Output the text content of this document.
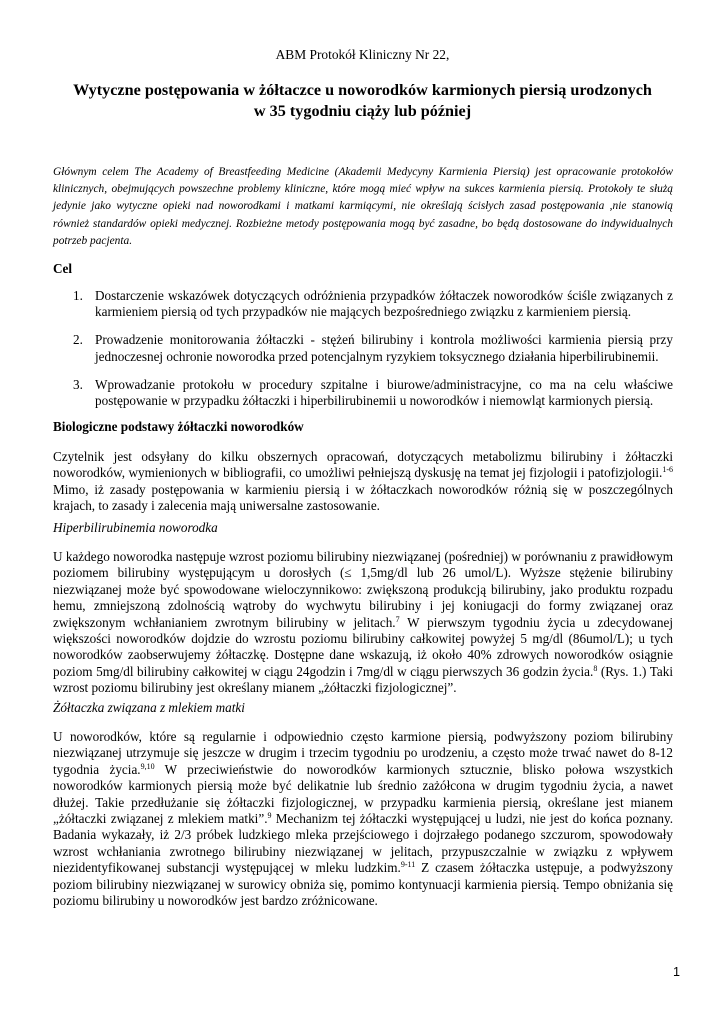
ABM Protokół Kliniczny Nr 22,
Wytyczne postępowania w żółtaczce u noworodków karmionych piersią urodzonych
w 35 tygodniu ciąży lub później

Głównym celem The Academy of Breastfeeding Medicine (Akademii Medycyny Karmienia Piersią) jest opracowanie protokołów klinicznych, obejmujących powszechne problemy kliniczne, które mogą mieć wpływ na sukces karmienia piersią. Protokoły te służą jedynie jako wytyczne opieki nad noworodkami i matkami karmiącymi, nie określają ścisłych zasad postępowania ,nie stanowią również standardów opieki medycznej. Rozbieżne metody postępowania mogą być zasadne, bo będą dostosowane do indywidualnych potrzeb pacjenta.

Cel
1. Dostarczenie wskazówek dotyczących odróżnienia przypadków żółtaczek noworodków ściśle związanych z karmieniem piersią od tych przypadków nie mających bezpośredniego związku z karmieniem piersią.
2. Prowadzenie monitorowania żółtaczki - stężeń bilirubiny i kontrola możliwości karmienia piersią przy jednoczesnej ochronie noworodka przed potencjalnym ryzykiem toksycznego działania hiperbilirubinemii.
3. Wprowadzanie protokołu w procedury szpitalne i biurowe/administracyjne, co ma na celu właściwe postępowanie w przypadku żółtaczki i hiperbilirubinemii u noworodków i niemowląt karmionych piersią.
Biologiczne podstawy żółtaczki noworodków

Czytelnik jest odsyłany do kilku obszernych opracowań, dotyczących metabolizmu bilirubiny i żółtaczki noworodków, wymienionych w bibliografii, co umożliwi pełniejszą dyskusję na temat jej fizjologii i patofizjologii.$^{1-6}$ Mimo, iż zasady postępowania w karmieniu piersią i w żółtaczkach noworodków różnią się w poszczególnych krajach, to zasady i zalecenia mają uniwersalne zastosowanie.

Hiperbilirubinemia noworodka

U każdego noworodka następuje wzrost poziomu bilirubiny niezwiązanej (pośredniej) w porównaniu z prawidłowym poziomem bilirubiny występującym u dorosłych (≤ 1,5mg/dl lub 26 umol/L). Wyższe stężenie bilirubiny niezwiązanej może być spowodowane wieloczynnikowo: zwiększoną produkcją bilirubiny, jako produktu rozpadu hemu, zmniejszoną zdolnością wątroby do wychwytu bilirubiny i jej koniugacji do formy związanej oraz zwiększonym wchłanianiem zwrotnym bilirubiny w jelitach.$^7$ W pierwszym tygodniu życia u zdecydowanej większości noworodków dojdzie do wzrostu poziomu bilirubiny całkowitej powyżej 5 mg/dl (86umol/L); u tych noworodków zaobserwujemy żółtaczkę. Dostępne dane wskazują, iż około 40% zdrowych noworodków osiągnie poziom 5mg/dl bilirubiny całkowitej w ciągu 24godzin i 7mg/dl w ciągu pierwszych 36 godzin życia.$^8$ (Rys. 1.) Taki wzrost poziomu bilirubiny jest określany mianem „żółtaczki fizjologicznej”.

Żółtaczka związana z mlekiem matki

U noworodków, które są regularnie i odpowiednio często karmione piersią, podwyższony poziom bilirubiny niezwiązanej utrzymuje się jeszcze w drugim i trzecim tygodniu po urodzeniu, a często może trwać nawet do 8-12 tygodnia życia.$^{9,10}$ W przeciwieństwie do noworodków karmionych sztucznie, blisko połowa wszystkich noworodków karmionych piersią może być delikatnie lub średnio zażółcona w drugim tygodniu życia, a nawet dłużej. Takie przedłużanie się żółtaczki fizjologicznej, w przypadku karmienia piersią, określane jest mianem „żółtaczki związanej z mlekiem matki”.$^9$ Mechanizm tej żółtaczki występującej u ludzi, nie jest do końca poznany. Badania wykazały, iż 2/3 próbek ludzkiego mleka przejściowego i dojrzałego podanego szczurom, spowodowały wzrost wchłaniania zwrotnego bilirubiny niezwiązanej w jelitach, przypuszczalnie w związku z wpływem niezidentyfikowanej substancji występującej w mleku ludzkim.$^{9-11}$ Z czasem żółtaczka ustępuje, a podwyższony poziom bilirubiny niezwiązanej w surowicy obniża się, pomimo kontynuacji karmienia piersią. Tempo obniżania się poziomu bilirubiny u noworodków jest bardzo zróżnicowane.

1
